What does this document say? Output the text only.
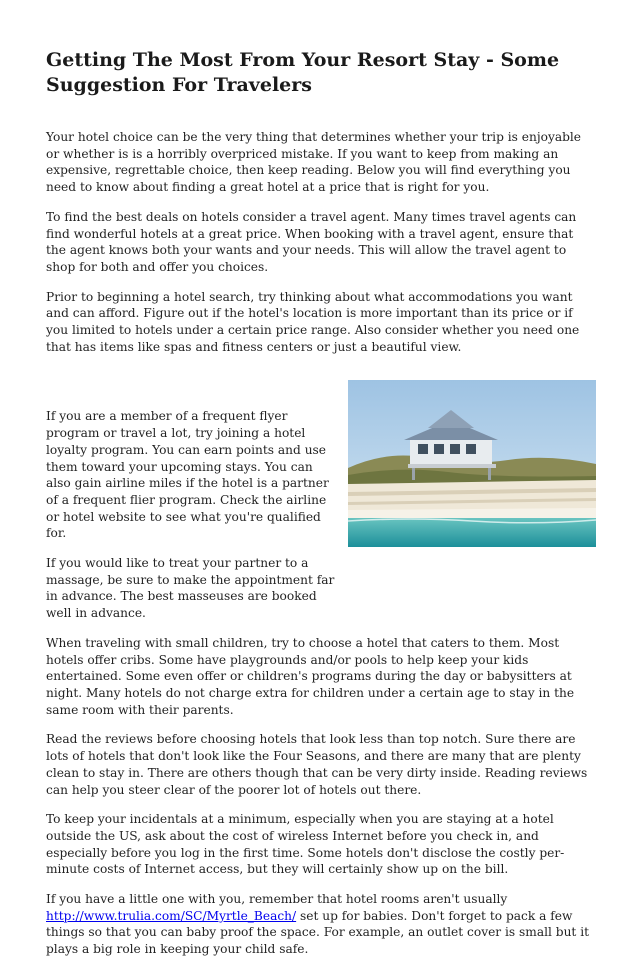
Getting The Most From Your Resort Stay - Some Suggestion For Travelers

Your hotel choice can be the very thing that determines whether your trip is enjoyable or whether is is a horribly overpriced mistake. If you want to keep from making an expensive, regrettable choice, then keep reading. Below you will find everything you need to know about finding a great hotel at a price that is right for you.

To find the best deals on hotels consider a travel agent. Many times travel agents can find wonderful hotels at a great price. When booking with a travel agent, ensure that the agent knows both your wants and your needs. This will allow the travel agent to shop for both and offer you choices.

Prior to beginning a hotel search, try thinking about what accommodations you want and can afford. Figure out if the hotel's location is more important than its price or if you limited to hotels under a certain price range. Also consider whether you need one that has items like spas and fitness centers or just a beautiful view.

If you are a member of a frequent flyer program or travel a lot, try joining a hotel loyalty program. You can earn points and use them toward your upcoming stays. You can also gain airline miles if the hotel is a partner of a frequent flier program. Check the airline or hotel website to see what you're qualified for.

If you would like to treat your partner to a massage, be sure to make the appointment far in advance. The best masseuses are booked well in advance.

When traveling with small children, try to choose a hotel that caters to them. Most hotels offer cribs. Some have playgrounds and/or pools to help keep your kids entertained. Some even offer or children's programs during the day or babysitters at night. Many hotels do not charge extra for children under a certain age to stay in the same room with their parents.

Read the reviews before choosing hotels that look less than top notch. Sure there are lots of hotels that don't look like the Four Seasons, and there are many that are plenty clean to stay in. There are others though that can be very dirty inside. Reading reviews can help you steer clear of the poorer lot of hotels out there.

To keep your incidentals at a minimum, especially when you are staying at a hotel outside the US, ask about the cost of wireless Internet before you check in, and especially before you log in the first time. Some hotels don't disclose the costly per-minute costs of Internet access, but they will certainly show up on the bill.

If you have a little one with you, remember that hotel rooms aren't usually http://www.trulia.com/SC/Myrtle_Beach/ set up for babies. Don't forget to pack a few things so that you can baby proof the space. For example, an outlet cover is small but it plays a big role in keeping your child safe.
